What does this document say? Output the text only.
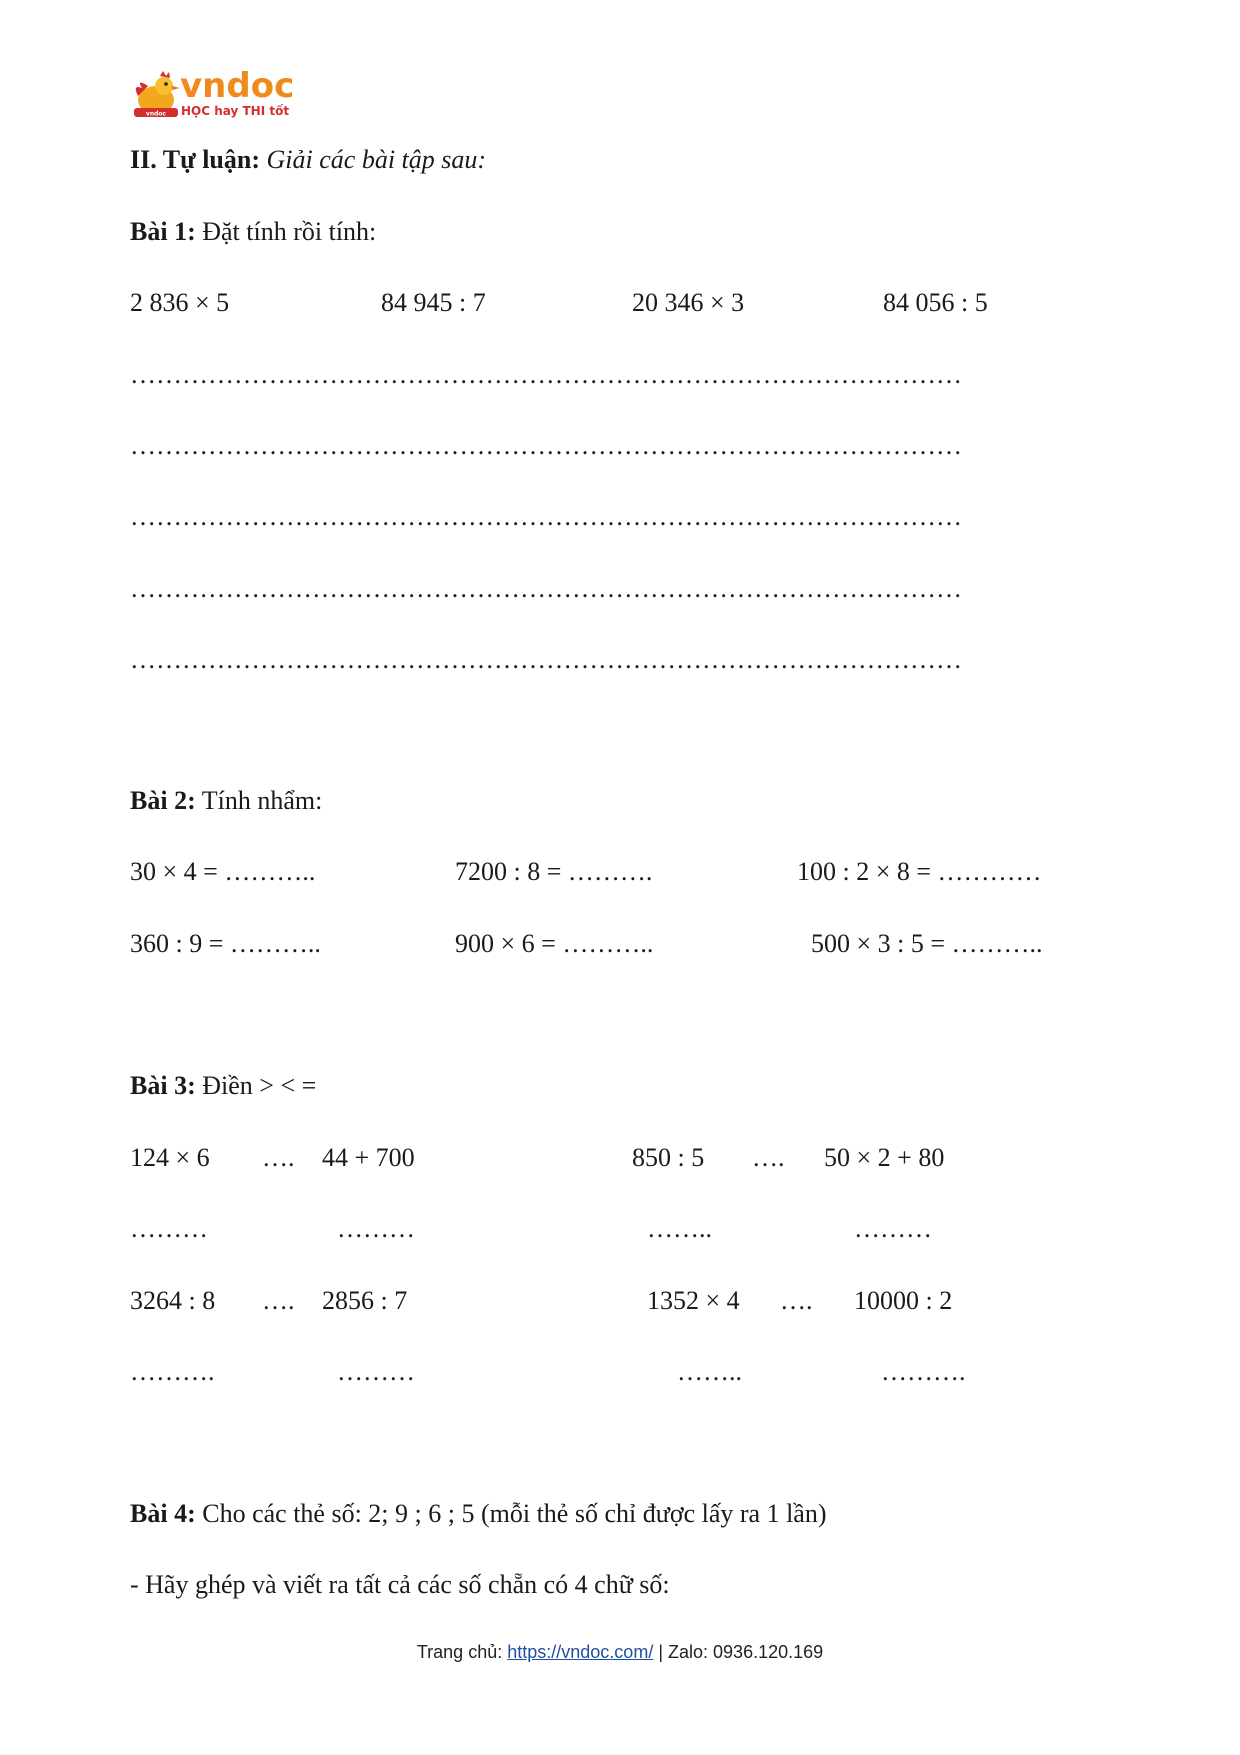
vndoc
vndoc
HỌC hay THI tốt
II. Tự luận: Giải các bài tập sau:
Bài 1: Đặt tính rồi tính:
2 836 × 5	84 945 : 7	20 346 × 3	84 056 : 5
……………………………………………………………………………………
……………………………………………………………………………………
……………………………………………………………………………………
……………………………………………………………………………………
……………………………………………………………………………………
Bài 2: Tính nhẩm:
30 × 4 = ………..	7200 : 8 = ……….	100 : 2 × 8 = …………
360 : 9 = ………..	900 × 6 = ………..	500 × 3 : 5 = ………..
Bài 3: Điền > < =
124 × 6 …. 44 + 700	850 : 5 …. 50 × 2 + 80
………	………	……..	………
3264 : 8 …. 2856 : 7	1352 × 4 …. 10000 : 2
……….	………	……..	……….
Bài 4: Cho các thẻ số: 2; 9 ; 6 ; 5 (mỗi thẻ số chỉ được lấy ra 1 lần)
- Hãy ghép và viết ra tất cả các số chẵn có 4 chữ số:
Trang chủ: https://vndoc.com/ | Zalo: 0936.120.169
